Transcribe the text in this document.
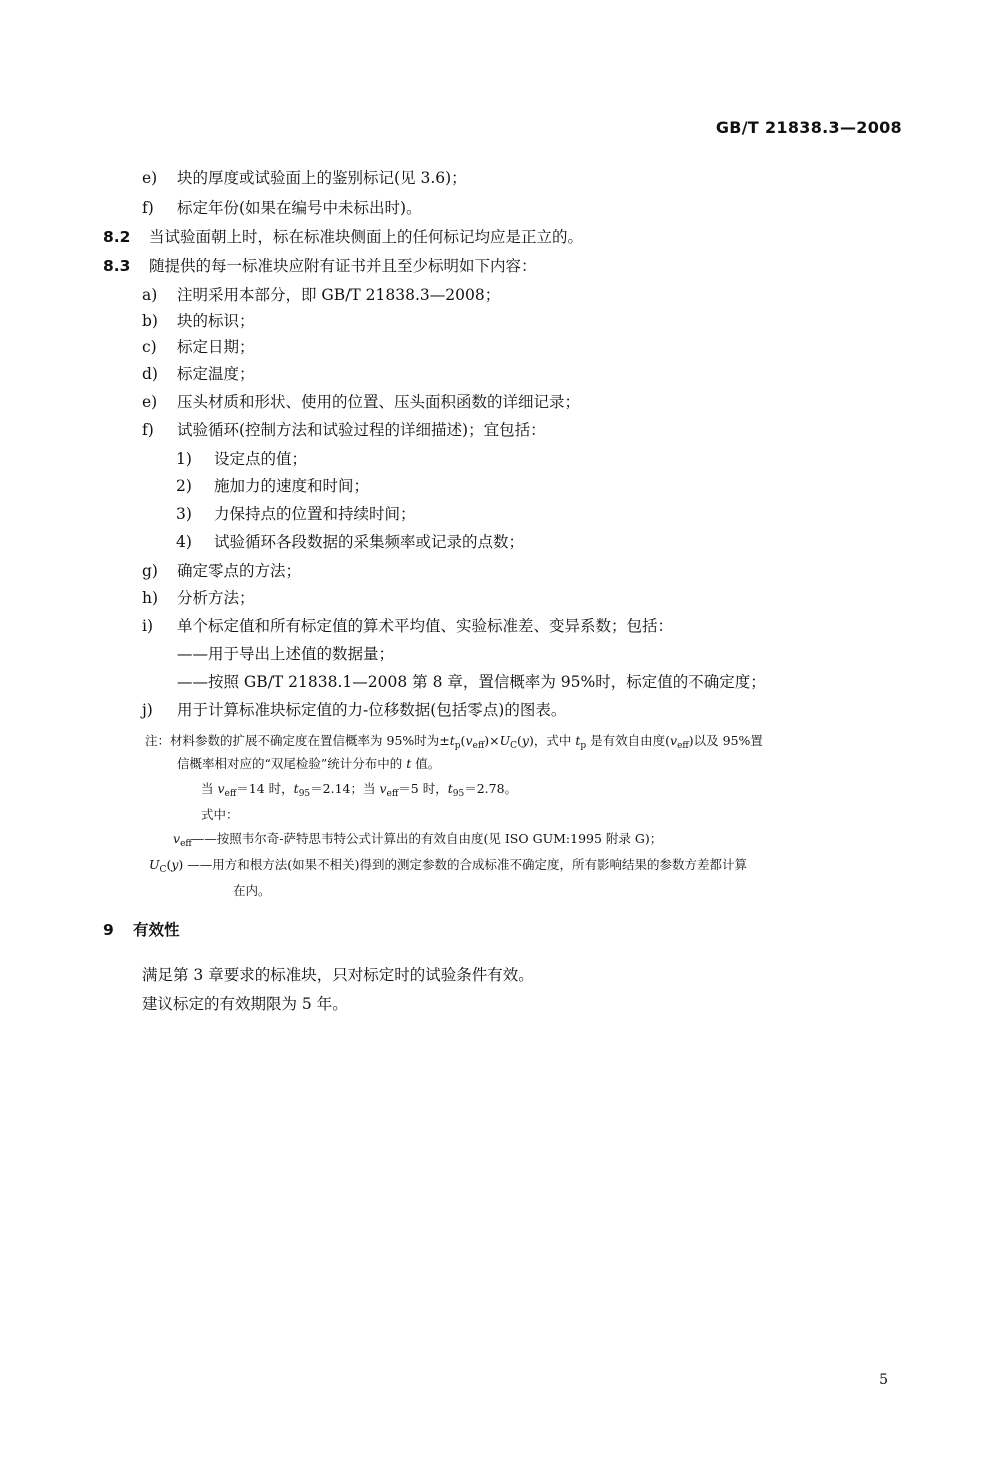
GB/T 21838.3—2008
e) 块的厚度或试验面上的鉴别标记(见 3.6)；
f) 标定年份(如果在编号中未标出时)。
8.2 当试验面朝上时，标在标准块侧面上的任何标记均应是正立的。
8.3 随提供的每一标准块应附有证书并且至少标明如下内容：
a) 注明采用本部分，即 GB/T 21838.3—2008；
b) 块的标识；
c) 标定日期；
d) 标定温度；
e) 压头材质和形状、使用的位置、压头面积函数的详细记录；
f) 试验循环(控制方法和试验过程的详细描述)；宜包括：
1) 设定点的值；
2) 施加力的速度和时间；
3) 力保持点的位置和持续时间；
4) 试验循环各段数据的采集频率或记录的点数；
g) 确定零点的方法；
h) 分析方法；
i) 单个标定值和所有标定值的算术平均值、实验标准差、变异系数；包括：
——用于导出上述值的数据量；
——按照 GB/T 21838.1—2008 第 8 章，置信概率为 95%时，标定值的不确定度；
j) 用于计算标准块标定值的力-位移数据(包括零点)的图表。
注：材料参数的扩展不确定度在置信概率为 95%时为$\pm t_p(v_{eff})\times U_C(y)$，式中 $t_p$ 是有效自由度$(v_{eff})$以及 95%置
信概率相对应的“双尾检验”统计分布中的 t 值。
当 $v_{eff}=14$ 时，$t_{95}=2.14$；当 $v_{eff}=5$ 时，$t_{95}=2.78$。
式中：
$v_{eff}——$按照韦尔奇-萨特思韦特公式计算出的有效自由度(见 ISO GUM:1995 附录 G)；
$U_C(y)$ ——用方和根方法(如果不相关)得到的测定参数的合成标准不确定度，所有影响结果的参数方差都计算
在内。
9 有效性
满足第 3 章要求的标准块，只对标定时的试验条件有效。
建议标定的有效期限为 5 年。
5
